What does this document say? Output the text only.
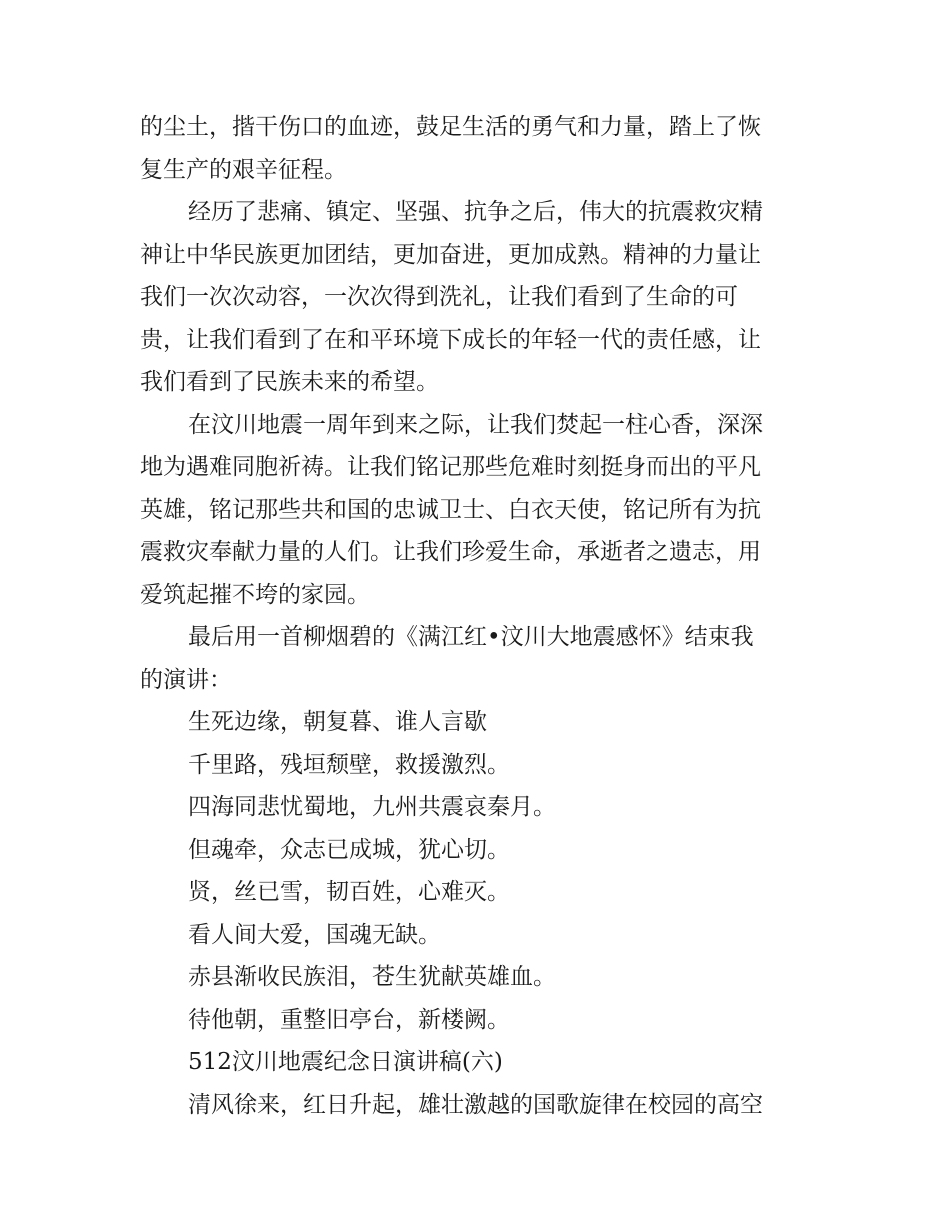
的尘土，揩干伤口的血迹，鼓足生活的勇气和力量，踏上了恢
复生产的艰辛征程。
经历了悲痛、镇定、坚强、抗争之后，伟大的抗震救灾精
神让中华民族更加团结，更加奋进，更加成熟。精神的力量让
我们一次次动容，一次次得到洗礼，让我们看到了生命的可
贵，让我们看到了在和平环境下成长的年轻一代的责任感，让
我们看到了民族未来的希望。
在汶川地震一周年到来之际，让我们焚起一柱心香，深深
地为遇难同胞祈祷。让我们铭记那些危难时刻挺身而出的平凡
英雄，铭记那些共和国的忠诚卫士、白衣天使，铭记所有为抗
震救灾奉献力量的人们。让我们珍爱生命，承逝者之遗志，用
爱筑起摧不垮的家园。
最后用一首柳烟碧的《满江红•汶川大地震感怀》结束我
的演讲：
生死边缘，朝复暮、谁人言歇
千里路，残垣颓壁，救援激烈。
四海同悲忧蜀地，九州共震哀秦月。
但魂牵，众志已成城，犹心切。
贤，丝已雪，韧百姓，心难灭。
看人间大爱，国魂无缺。
赤县渐收民族泪，苍生犹献英雄血。
待他朝，重整旧亭台，新楼阙。
512汶川地震纪念日演讲稿(六)
清风徐来，红日升起，雄壮激越的国歌旋律在校园的高空
